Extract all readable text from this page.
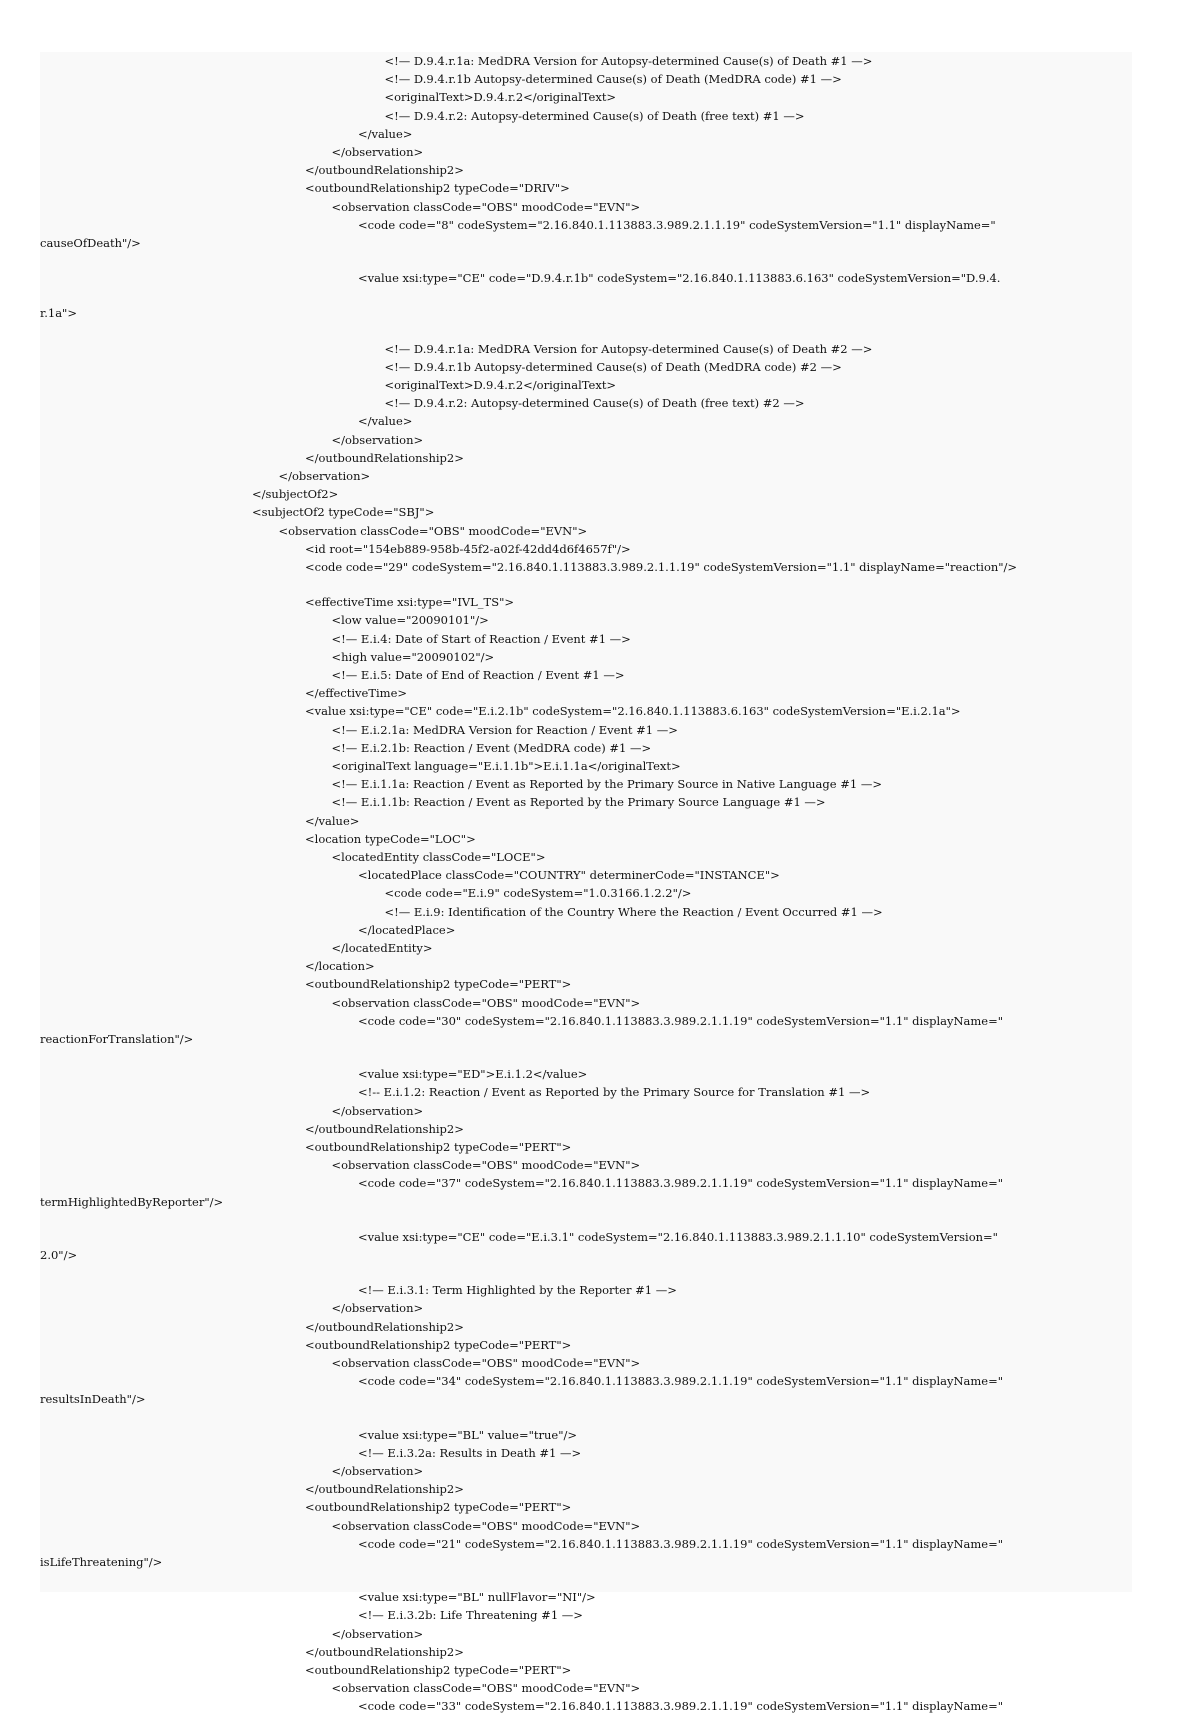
<!— D.9.4.r.1a: MedDRA Version for Autopsy-determined Cause(s) of Death #1 —>
<!— D.9.4.r.1b Autopsy-determined Cause(s) of Death (MedDRA code) #1 —>
<originalText>D.9.4.r.2</originalText>
<!— D.9.4.r.2: Autopsy-determined Cause(s) of Death (free text) #1 —>
</value>
</observation>
</outboundRelationship2>
<outboundRelationship2 typeCode="DRIV">
<observation classCode="OBS" moodCode="EVN">
<code code="8" codeSystem="2.16.840.1.113883.3.989.2.1.1.19" codeSystemVersion="1.1" displayName="
causeOfDeath"/>
<value xsi:type="CE" code="D.9.4.r.1b" codeSystem="2.16.840.1.113883.6.163" codeSystemVersion="D.9.4.
r.1a">
<!— D.9.4.r.1a: MedDRA Version for Autopsy-determined Cause(s) of Death #2 —>
<!— D.9.4.r.1b Autopsy-determined Cause(s) of Death (MedDRA code) #2 —>
<originalText>D.9.4.r.2</originalText>
<!— D.9.4.r.2: Autopsy-determined Cause(s) of Death (free text) #2 —>
</value>
</observation>
</outboundRelationship2>
</observation>
</subjectOf2>
<subjectOf2 typeCode="SBJ">
<observation classCode="OBS" moodCode="EVN">
<id root="154eb889-958b-45f2-a02f-42dd4d6f4657f"/>
<code code="29" codeSystem="2.16.840.1.113883.3.989.2.1.1.19" codeSystemVersion="1.1" displayName="reaction"/>
<effectiveTime xsi:type="IVL_TS">
<low value="20090101"/>
<!— E.i.4: Date of Start of Reaction / Event #1 —>
<high value="20090102"/>
<!— E.i.5: Date of End of Reaction / Event #1 —>
</effectiveTime>
<value xsi:type="CE" code="E.i.2.1b" codeSystem="2.16.840.1.113883.6.163" codeSystemVersion="E.i.2.1a">
<!— E.i.2.1a: MedDRA Version for Reaction / Event #1 —>
<!— E.i.2.1b: Reaction / Event (MedDRA code) #1 —>
<originalText language="E.i.1.1b">E.i.1.1a</originalText>
<!— E.i.1.1a: Reaction / Event as Reported by the Primary Source in Native Language #1 —>
<!— E.i.1.1b: Reaction / Event as Reported by the Primary Source Language #1 —>
</value>
<location typeCode="LOC">
<locatedEntity classCode="LOCE">
<locatedPlace classCode="COUNTRY" determinerCode="INSTANCE">
<code code="E.i.9" codeSystem="1.0.3166.1.2.2"/>
<!— E.i.9: Identification of the Country Where the Reaction / Event Occurred #1 —>
</locatedPlace>
</locatedEntity>
</location>
<outboundRelationship2 typeCode="PERT">
<observation classCode="OBS" moodCode="EVN">
<code code="30" codeSystem="2.16.840.1.113883.3.989.2.1.1.19" codeSystemVersion="1.1" displayName="
reactionForTranslation"/>
<value xsi:type="ED">E.i.1.2</value>
<!-- E.i.1.2: Reaction / Event as Reported by the Primary Source for Translation #1 —>
</observation>
</outboundRelationship2>
<outboundRelationship2 typeCode="PERT">
<observation classCode="OBS" moodCode="EVN">
<code code="37" codeSystem="2.16.840.1.113883.3.989.2.1.1.19" codeSystemVersion="1.1" displayName="
termHighlightedByReporter"/>
<value xsi:type="CE" code="E.i.3.1" codeSystem="2.16.840.1.113883.3.989.2.1.1.10" codeSystemVersion="
2.0"/>
<!— E.i.3.1: Term Highlighted by the Reporter #1 —>
</observation>
</outboundRelationship2>
<outboundRelationship2 typeCode="PERT">
<observation classCode="OBS" moodCode="EVN">
<code code="34" codeSystem="2.16.840.1.113883.3.989.2.1.1.19" codeSystemVersion="1.1" displayName="
resultsInDeath"/>
<value xsi:type="BL" value="true"/>
<!— E.i.3.2a: Results in Death #1 —>
</observation>
</outboundRelationship2>
<outboundRelationship2 typeCode="PERT">
<observation classCode="OBS" moodCode="EVN">
<code code="21" codeSystem="2.16.840.1.113883.3.989.2.1.1.19" codeSystemVersion="1.1" displayName="
isLifeThreatening"/>
<value xsi:type="BL" nullFlavor="NI"/>
<!— E.i.3.2b: Life Threatening #1 —>
</observation>
</outboundRelationship2>
<outboundRelationship2 typeCode="PERT">
<observation classCode="OBS" moodCode="EVN">
<code code="33" codeSystem="2.16.840.1.113883.3.989.2.1.1.19" codeSystemVersion="1.1" displayName="
